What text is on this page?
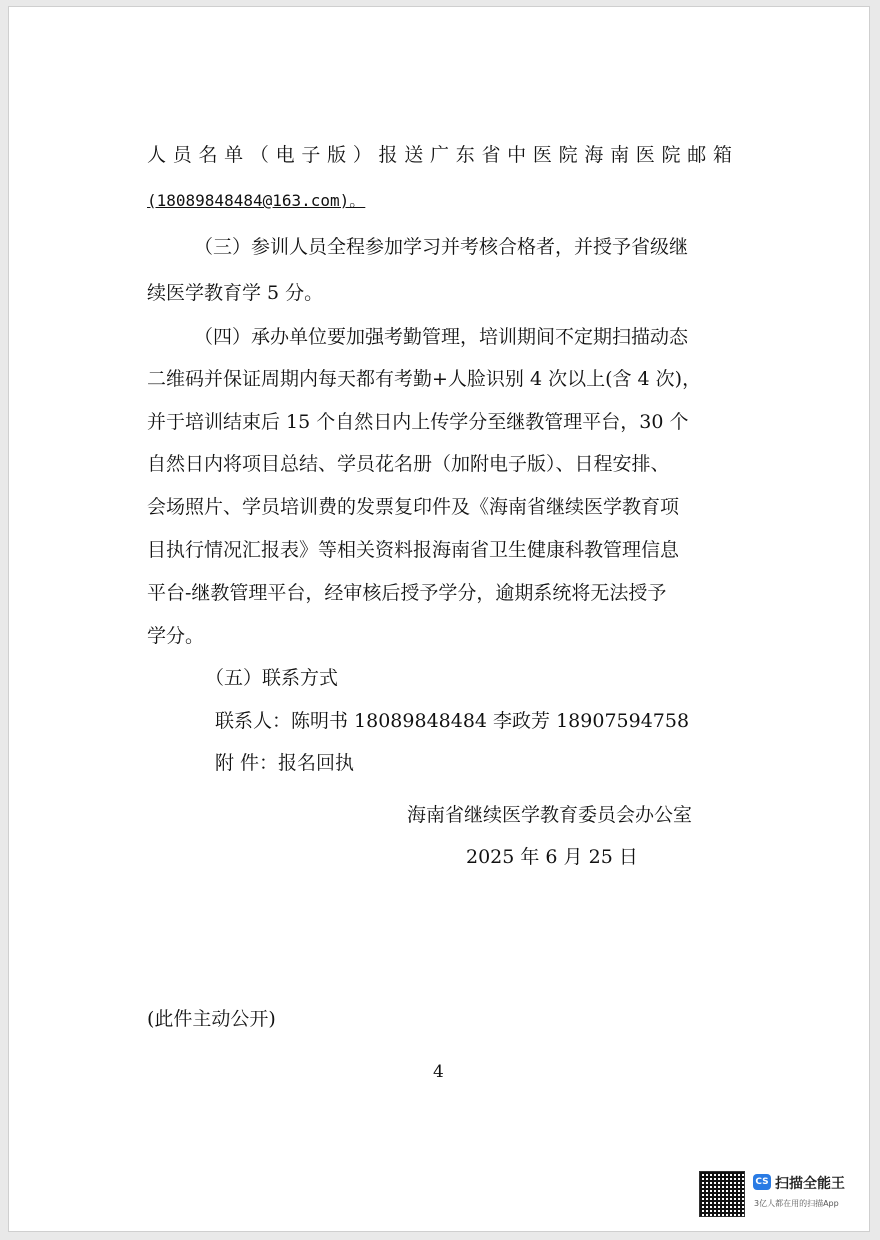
人员名单（电子版）报送广东省中医院海南医院邮箱
(18089848484@163.com)。
（三）参训人员全程参加学习并考核合格者，并授予省级继
续医学教育学 5 分。
（四）承办单位要加强考勤管理，培训期间不定期扫描动态
二维码并保证周期内每天都有考勤+人脸识别 4 次以上(含 4 次)，
并于培训结束后 15 个自然日内上传学分至继教管理平台，30 个
自然日内将项目总结、学员花名册（加附电子版）、日程安排、
会场照片、学员培训费的发票复印件及《海南省继续医学教育项
目执行情况汇报表》等相关资料报海南省卫生健康科教管理信息
平台-继教管理平台，经审核后授予学分，逾期系统将无法授予
学分。
（五）联系方式
联系人：陈明书 18089848484 李政芳 18907594758
附 件：报名回执
海南省继续医学教育委员会办公室
2025 年 6 月 25 日
(此件主动公开)
4
CS 扫描全能王
3亿人都在用的扫描App
